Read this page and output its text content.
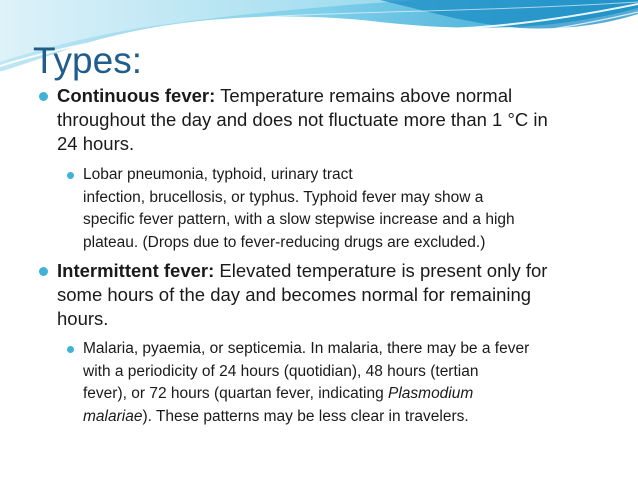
Types:
Continuous fever: Temperature remains above normal
throughout the day and does not fluctuate more than 1 °C in
24 hours.
Lobar pneumonia, typhoid, urinary tract
infection, brucellosis, or typhus. Typhoid fever may show a
specific fever pattern, with a slow stepwise increase and a high
plateau. (Drops due to fever-reducing drugs are excluded.)
Intermittent fever: Elevated temperature is present only for
some hours of the day and becomes normal for remaining
hours.
Malaria, pyaemia, or septicemia. In malaria, there may be a fever
with a periodicity of 24 hours (quotidian), 48 hours (tertian
fever), or 72 hours (quartan fever, indicating Plasmodium
malariae). These patterns may be less clear in travelers.
